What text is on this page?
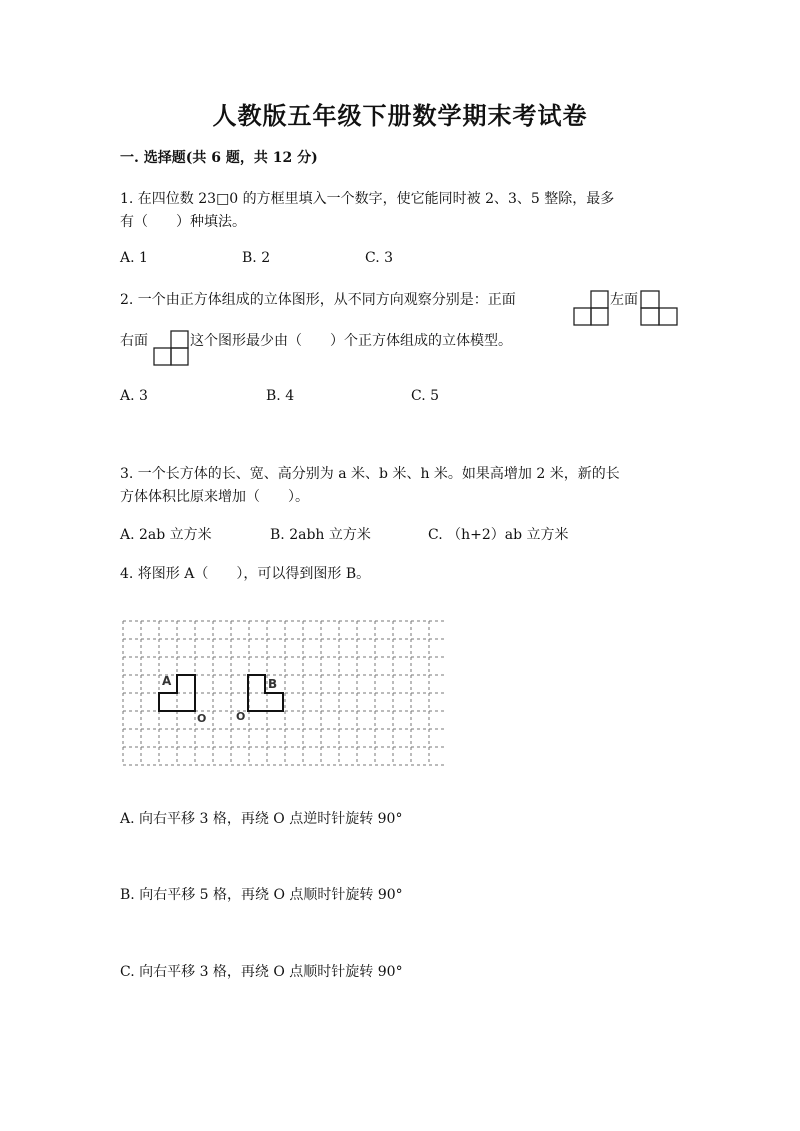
人教版五年级下册数学期末考试卷
一. 选择题(共 6 题，共 12 分)
1. 在四位数 23□0 的方框里填入一个数字，使它能同时被 2、3、5 整除，最多
有（　　）种填法。
A. 1	B. 2	C. 3
2. 一个由正方体组成的立体图形，从不同方向观察分别是：正面	左面
右面	这个图形最少由（　　）个正方体组成的立体模型。
A. 3	B. 4	C. 5
3. 一个长方体的长、宽、高分别为 a 米、b 米、h 米。如果高增加 2 米，新的长
方体体积比原来增加（　　）。
A. 2ab 立方米	B. 2abh 立方米	C. （h+2）ab 立方米
4. 将图形 A（　　），可以得到图形 B。
A	B
O	O
A. 向右平移 3 格，再绕 O 点逆时针旋转 90°
B. 向右平移 5 格，再绕 O 点顺时针旋转 90°
C. 向右平移 3 格，再绕 O 点顺时针旋转 90°
